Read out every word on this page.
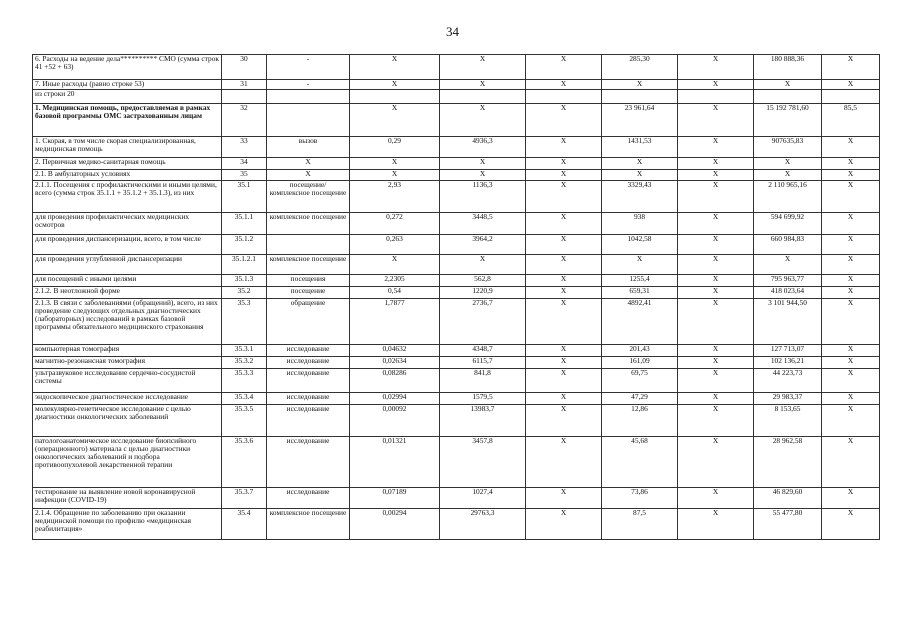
34
6. Расходы на ведение дела********** СМО (сумма строк 41 +52 + 63)	30	-	Х	Х	Х	285,30	Х	180 888,36	Х
7. Иные расходы (равно строке 53)	31	-	Х	Х	Х	Х	Х	Х	Х
из строки 20									
1. Медицинская помощь, предоставляемая в рамках базовой программы ОМС застрахованным лицам	32		Х	Х	Х	23 961,64	Х	15 192 781,60	85,5
1. Скорая, в том числе скорая специализированная, медицинская помощь	33	вызов	0,29	4936,3	Х	1431,53	Х	907635,83	Х
2. Первичная медико-санитарная помощь	34	Х	Х	Х	Х	Х	Х	Х	Х
2.1. В амбулаторных условиях	35	Х	Х	Х	Х	Х	Х	Х	Х
2.1.1. Посещения с профилактическими и иными целями, всего (сумма строк 35.1.1 + 35.1.2 + 35.1.3), из них	35.1	посещение/ комплексное посещение	2,93	1136,3	Х	3329,43	Х	2 110 965,16	Х
для проведения профилактических медицинских осмотров	35.1.1	комплексное посещение	0,272	3448,5	Х	938	Х	594 699,92	Х
для проведения диспансеризации, всего, в том числе	35.1.2		0,263	3964,2	Х	1042,58	Х	660 984,83	Х
для проведения углубленной диспансеризации	35.1.2.1	комплексное посещение	Х	Х	Х	Х	Х	Х	Х
для посещений с иными целями	35.1.3	посещения	2,2305	562,8	Х	1255,4	Х	795 963,77	Х
2.1.2. В неотложной форме	35.2	посещение	0,54	1220,9	Х	659,31	Х	418 023,64	Х
2.1.3. В связи с заболеваниями (обращений), всего, из них проведение следующих отдельных диагностических (лабораторных) исследований в рамках базовой программы обязательного медицинского страхования	35.3	обращение	1,7877	2736,7	Х	4892,41	Х	3 101 944,50	Х
компьютерная томография	35.3.1	исследование	0,04632	4348,7	Х	201,43	Х	127 713,07	Х
магнитно-резонансная томография	35.3.2	исследование	0,02634	6115,7	Х	161,09	Х	102 136,21	Х
ультразвуковое исследование сердечно-сосудистой системы	35.3.3	исследование	0,08286	841,8	Х	69,75	Х	44 223,73	Х
эндоскопическое диагностическое исследование	35.3.4	исследование	0,02994	1579,5	Х	47,29	Х	29 983,37	Х
молекулярно-генетическое исследование с целью диагностики онкологических заболеваний	35.3.5	исследование	0,00092	13983,7	Х	12,86	Х	8 153,65	Х
патологоанатомическое исследование биопсийного (операционного) материала с целью диагностики онкологических заболеваний и подбора противоопухолевой лекарственной терапии	35.3.6	исследование	0,01321	3457,8	Х	45,68	Х	28 962,58	Х
тестирование на выявление новой коронавирусной инфекции (COVID-19)	35.3.7	исследование	0,07189	1027,4	Х	73,86	Х	46 829,60	Х
2.1.4. Обращение по заболеванию при оказании медицинской помощи по профилю «медицинская реабилитация»	35.4	комплексное посещение	0,00294	29763,3	Х	87,5	Х	55 477,80	Х
